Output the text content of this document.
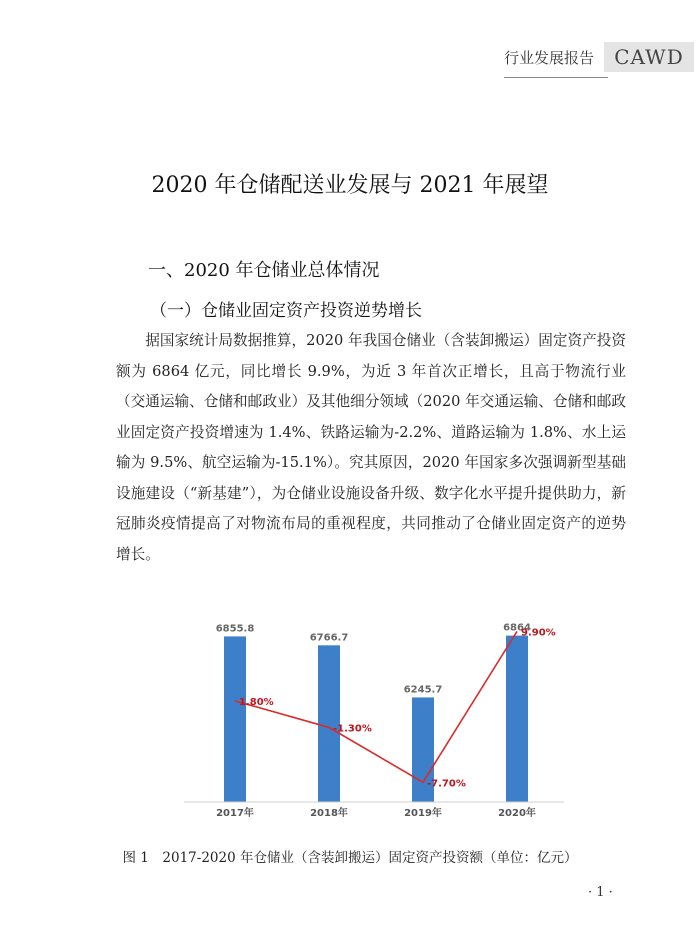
行业发展报告	CAWD
2020 年仓储配送业发展与 2021 年展望
一、2020 年仓储业总体情况
（一）仓储业固定资产投资逆势增长
据国家统计局数据推算，2020 年我国仓储业（含装卸搬运）固定资产投资额为 6864 亿元，同比增长 9.9%，为近 3 年首次正增长，且高于物流行业（交通运输、仓储和邮政业）及其他细分领域（2020 年交通运输、仓储和邮政业固定资产投资增速为 1.4%、铁路运输为-2.2%、道路运输为 1.8%、水上运输为 9.5%、航空运输为-15.1%）。究其原因，2020 年国家多次强调新型基础设施建设（“新基建”），为仓储业设施设备升级、数字化水平提升提供助力，新冠肺炎疫情提高了对物流布局的重视程度，共同推动了仓储业固定资产的逆势增长。
6855.8
2017年
6766.7
2018年
6245.7
2019年
6864
2020年
1.80%
-1.30%
-7.70%
9.90%
图 1　2017-2020 年仓储业（含装卸搬运）固定资产投资额（单位：亿元）
· 1 ·
